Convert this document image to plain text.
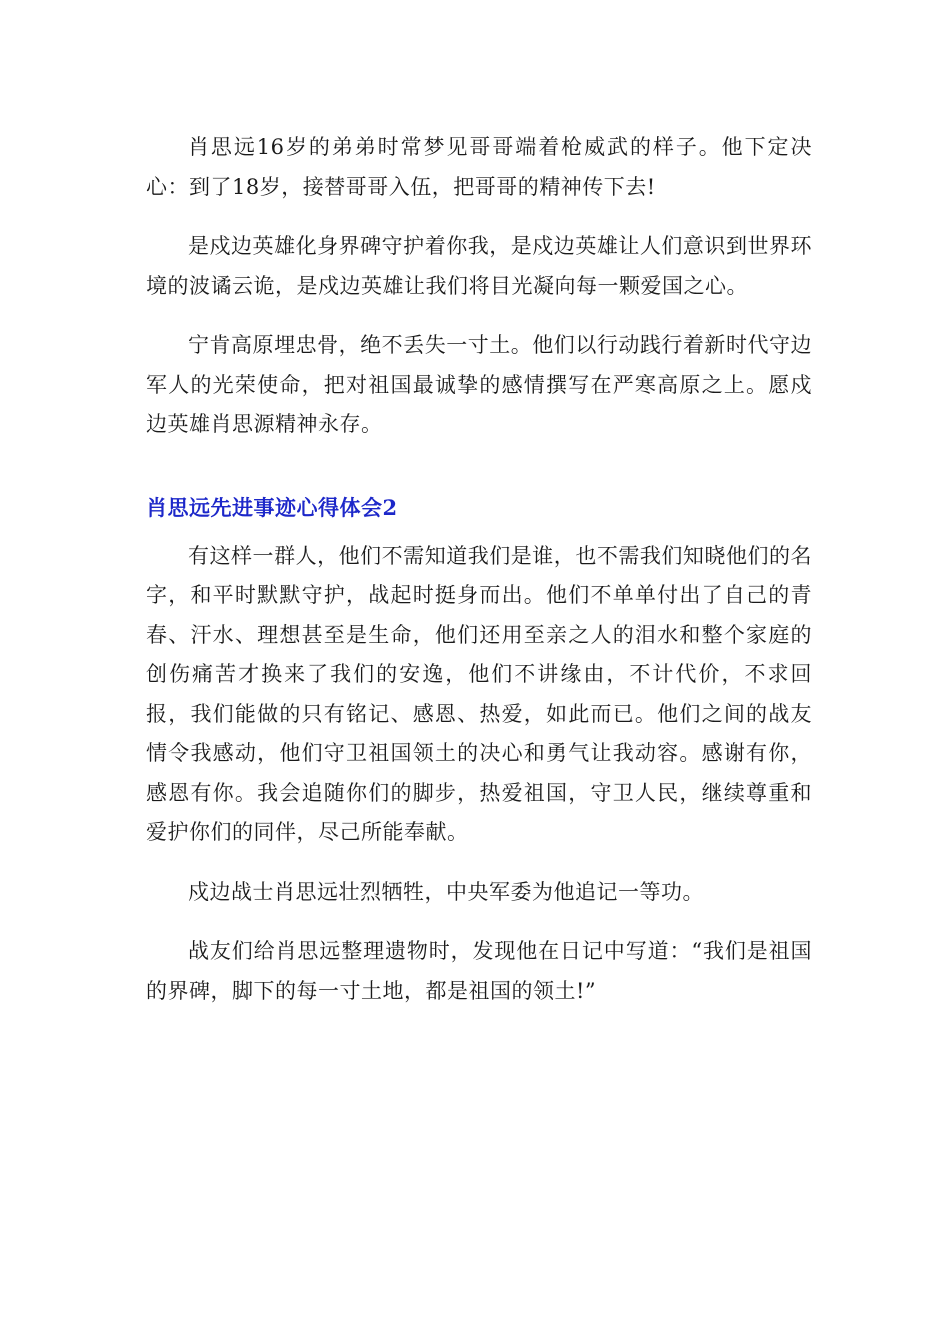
肖思远16岁的弟弟时常梦见哥哥端着枪威武的样子。他下定决心：到了18岁，接替哥哥入伍，把哥哥的精神传下去!

是戍边英雄化身界碑守护着你我，是戍边英雄让人们意识到世界环境的波谲云诡，是戍边英雄让我们将目光凝向每一颗爱国之心。

宁肯高原埋忠骨，绝不丢失一寸土。他们以行动践行着新时代守边军人的光荣使命，把对祖国最诚挚的感情撰写在严寒高原之上。愿戍边英雄肖思源精神永存。

肖思远先进事迹心得体会2

有这样一群人，他们不需知道我们是谁，也不需我们知晓他们的名字，和平时默默守护，战起时挺身而出。他们不单单付出了自己的青春、汗水、理想甚至是生命，他们还用至亲之人的泪水和整个家庭的创伤痛苦才换来了我们的安逸，他们不讲缘由，不计代价，不求回报，我们能做的只有铭记、感恩、热爱，如此而已。他们之间的战友情令我感动，他们守卫祖国领土的决心和勇气让我动容。感谢有你，感恩有你。我会追随你们的脚步，热爱祖国，守卫人民，继续尊重和爱护你们的同伴，尽己所能奉献。

戍边战士肖思远壮烈牺牲，中央军委为他追记一等功。

战友们给肖思远整理遗物时，发现他在日记中写道：“我们是祖国的界碑，脚下的每一寸土地，都是祖国的领土!”
